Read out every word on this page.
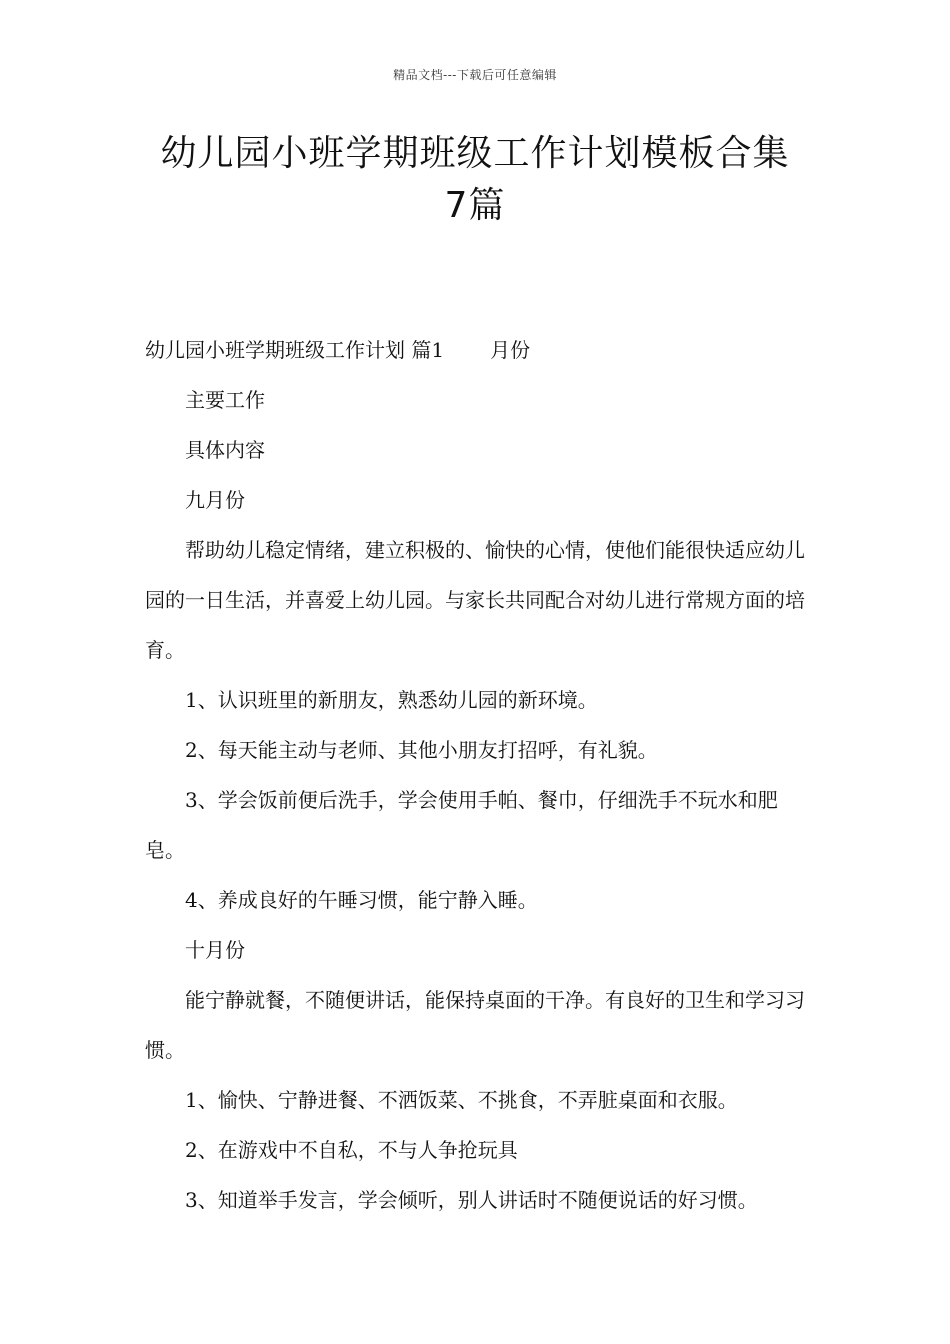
精品文档---下载后可任意编辑
幼儿园小班学期班级工作计划模板合集
7篇

幼儿园小班学期班级工作计划 篇1 月份

主要工作

具体内容

九月份

帮助幼儿稳定情绪，建立积极的、愉快的心情，使他们能很快适应幼儿园的一日生活，并喜爱上幼儿园。与家长共同配合对幼儿进行常规方面的培育。

1、认识班里的新朋友，熟悉幼儿园的新环境。

2、每天能主动与老师、其他小朋友打招呼，有礼貌。

3、学会饭前便后洗手，学会使用手帕、餐巾，仔细洗手不玩水和肥皂。

4、养成良好的午睡习惯，能宁静入睡。

十月份

能宁静就餐，不随便讲话，能保持桌面的干净。有良好的卫生和学习习惯。

1、愉快、宁静进餐、不洒饭菜、不挑食，不弄脏桌面和衣服。

2、在游戏中不自私，不与人争抢玩具

3、知道举手发言，学会倾听，别人讲话时不随便说话的好习惯。
